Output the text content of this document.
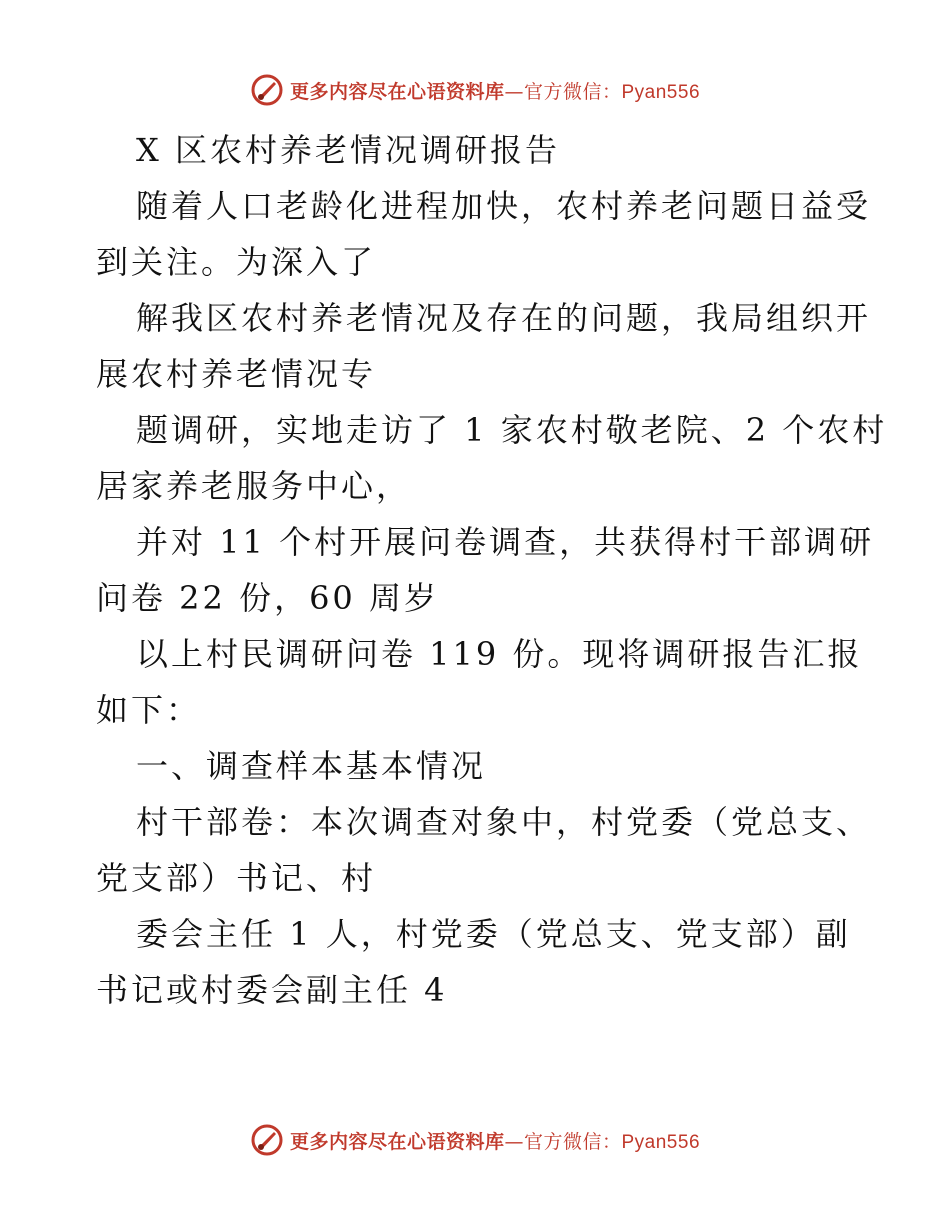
更多内容尽在心语资料库—官方微信：Pyan556
X 区农村养老情况调研报告
随着人口老龄化进程加快，农村养老问题日益受
到关注。为深入了
解我区农村养老情况及存在的问题，我局组织开
展农村养老情况专
题调研，实地走访了 1 家农村敬老院、2 个农村
居家养老服务中心，
并对 11 个村开展问卷调查，共获得村干部调研
问卷 22 份，60 周岁
以上村民调研问卷 119 份。现将调研报告汇报
如下：
一、调查样本基本情况
村干部卷：本次调查对象中，村党委（党总支、
党支部）书记、村
委会主任 1 人，村党委（党总支、党支部）副
书记或村委会副主任 4
更多内容尽在心语资料库—官方微信：Pyan556
